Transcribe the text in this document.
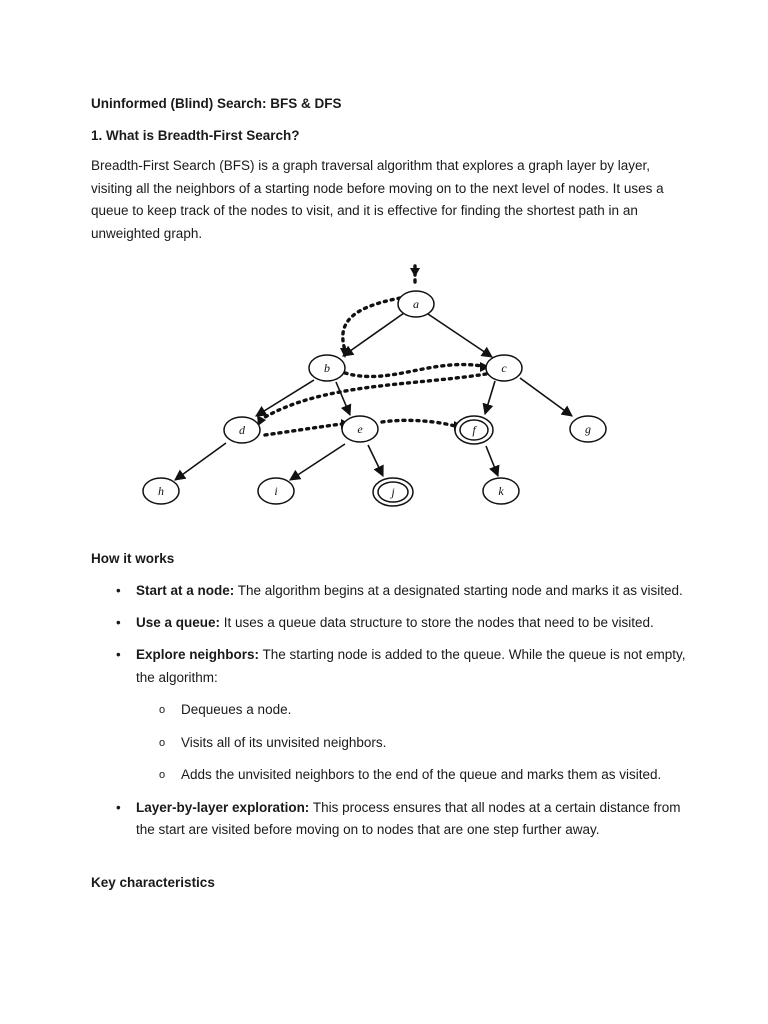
Uninformed (Blind) Search: BFS & DFS
1. What is Breadth-First Search?
Breadth-First Search (BFS) is a graph traversal algorithm that explores a graph layer by layer, visiting all the neighbors of a starting node before moving on to the next level of nodes. It uses a queue to keep track of the nodes to visit, and it is effective for finding the shortest path in an unweighted graph.
a
b	c
d	e	f	g
h	i	j	k
How it works
• Start at a node: The algorithm begins at a designated starting node and marks it as visited.
• Use a queue: It uses a queue data structure to store the nodes that need to be visited.
• Explore neighbors: The starting node is added to the queue. While the queue is not empty, the algorithm:
o Dequeues a node.
o Visits all of its unvisited neighbors.
o Adds the unvisited neighbors to the end of the queue and marks them as visited.
• Layer-by-layer exploration: This process ensures that all nodes at a certain distance from the start are visited before moving on to nodes that are one step further away.
Key characteristics
